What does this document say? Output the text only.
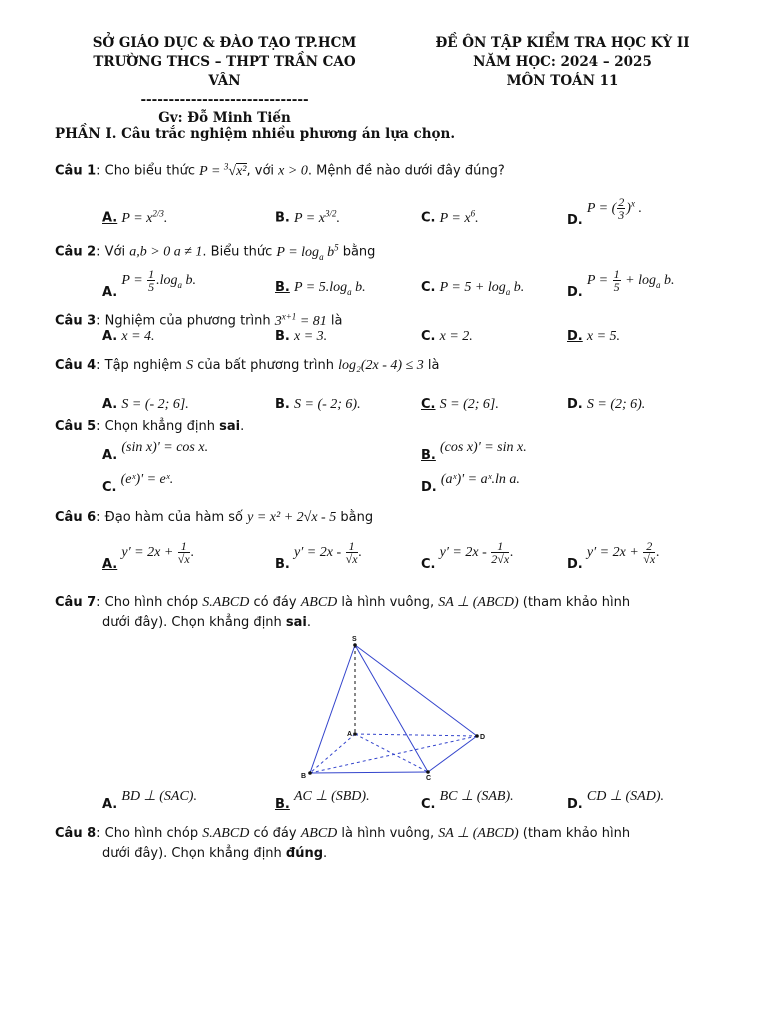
SỞ GIÁO DỤC & ĐÀO TẠO TP.HCM
TRƯỜNG THCS – THPT TRẦN CAO
VÂN
------------------------------
ĐỀ ÔN TẬP KIỂM TRA HỌC KỲ II
NĂM HỌC: 2024 – 2025
MÔN TOÁN 11
Gv: Đỗ Minh Tiến
PHẦN I. Câu trắc nghiệm nhiều phương án lựa chọn.
Câu 1: Cho biểu thức P = $^3$√x², với x > 0. Mệnh đề nào dưới đây đúng?
A. $P = x^{2/3}$.	B. $P = x^{3/2}$.	C. $P = x^6$.	D. P = ( $\frac{2}{3} )^x$ .
Câu 2: Với a,b > 0 a ≠ 1. Biểu thức $P = \log_a b^5$ bằng
A. $P = \frac{1}{5} .\log_a$ b.	B. $P = 5.\log_a$ b.	C. $P = 5 + \log_a b$.	D. $P = \frac{1}{5} + \log_a b$.
Câu 3: Nghiệm của phương trình $3^{x+1} = 81$ là
A. x = 4.	B. x = 3.	C. x = 2.	D. x = 5.
Câu 4: Tập nghiệm S của bất phương trình log₂(2x - 4) ≤ 3 là
A. S = (- 2; 6].	B. S = (- 2; 6).	C. S = (2; 6].	D. S = (2; 6).
Câu 5: Chọn khẳng định sai.
A. (sin x)' = cos x.
B. (cos x)' = sin x.
C. (eˣ)' = eˣ.
D. (aˣ)' = aˣ.ln a.
Câu 6: Đạo hàm của hàm số y = x² + 2√x - 5 bằng
A. $y' = 2x + \frac{1}{√x}$ .
B. $y' = 2x - \frac{1}{√x}$ .
C. $y' = 2x - \frac{1}{2√x}$ .
D. $y' = 2x + \frac{2}{√x}$ .
Câu 7: Cho hình chóp S.ABCD có đáy ABCD là hình vuông, SA ⊥ (ABCD) (tham khảo hình
dưới đây). Chọn khẳng định sai.
S
A	D
B	C
A. BD ⊥ (SAC).
B. AC ⊥ (SBD).
C. BC ⊥ (SAB).
D. CD ⊥ (SAD).
Câu 8: Cho hình chóp S.ABCD có đáy ABCD là hình vuông, SA ⊥ (ABCD) (tham khảo hình
dưới đây). Chọn khẳng định đúng.
